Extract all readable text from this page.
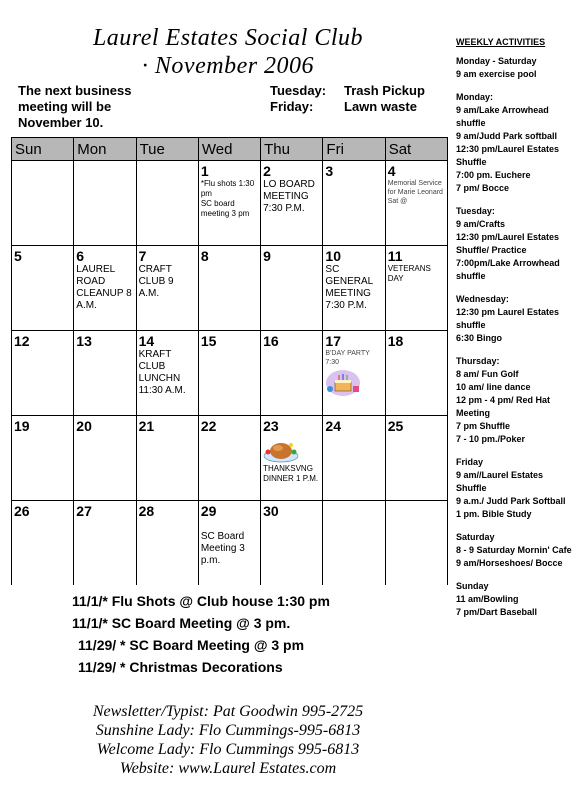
Laurel Estates Social Club
· November 2006
The next business meeting will be November 10.
Tuesday:	Trash Pickup
Friday:	Lawn waste
Sun	Mon	Tue	Wed	Thu	Fri	Sat

			1
*Flu shots 1:30 pm
SC board meeting 3 pm	2
LO BOARD MEETING 7:30 P.M.	3	4
Memorial Service for Marie Leonard Sat @

5	6
LAUREL ROAD CLEANUP 8 A.M.	7
CRAFT CLUB 9 A.M.	8	9	10
SC GENERAL MEETING 7:30 P.M.	11
VETERANS DAY

12	13	14
KRAFT CLUB LUNCHN 11:30 A.M.	15	16	17
B'DAY PARTY 7:30	18

19	20	21	22	23
THANKSVNG DINNER 1 P.M.	24	25

26	27	28	29
SC Board Meeting 3 p.m.	30		

11/1/* Flu Shots @ Club house 1:30 pm
11/1/* SC Board Meeting @ 3 pm.
11/29/ * SC Board Meeting @ 3 pm
11/29/ * Christmas Decorations
Newsletter/Typist: Pat Goodwin 995-2725
Sunshine Lady: Flo Cummings-995-6813
Welcome Lady: Flo Cummings 995-6813
Website: www.Laurel Estates.com
WEEKLY ACTIVITIES
Monday - Saturday
9 am exercise pool
Monday:
9 am/Lake Arrowhead shuffle
9 am/Judd Park softball
12:30 pm/Laurel Estates Shuffle
7:00 pm. Euchere
7 pm/ Bocce
Tuesday:
9 am/Crafts
12:30 pm/Laurel Estates Shuffle/ Practice
7:00pm/Lake Arrowhead shuffle
Wednesday:
12:30 pm Laurel Estates shuffle
6:30 Bingo
Thursday:
8 am/ Fun Golf
10 am/ line dance
12 pm - 4 pm/ Red Hat Meeting
7 pm Shuffle
7 - 10 pm./Poker
Friday
9 am//Laurel Estates Shuffle
9 a.m./ Judd Park Softball
1 pm. Bible Study
Saturday
8 - 9 Saturday Mornin' Cafe
9 am/Horseshoes/ Bocce
Sunday
11 am/Bowling
7 pm/Dart Baseball
